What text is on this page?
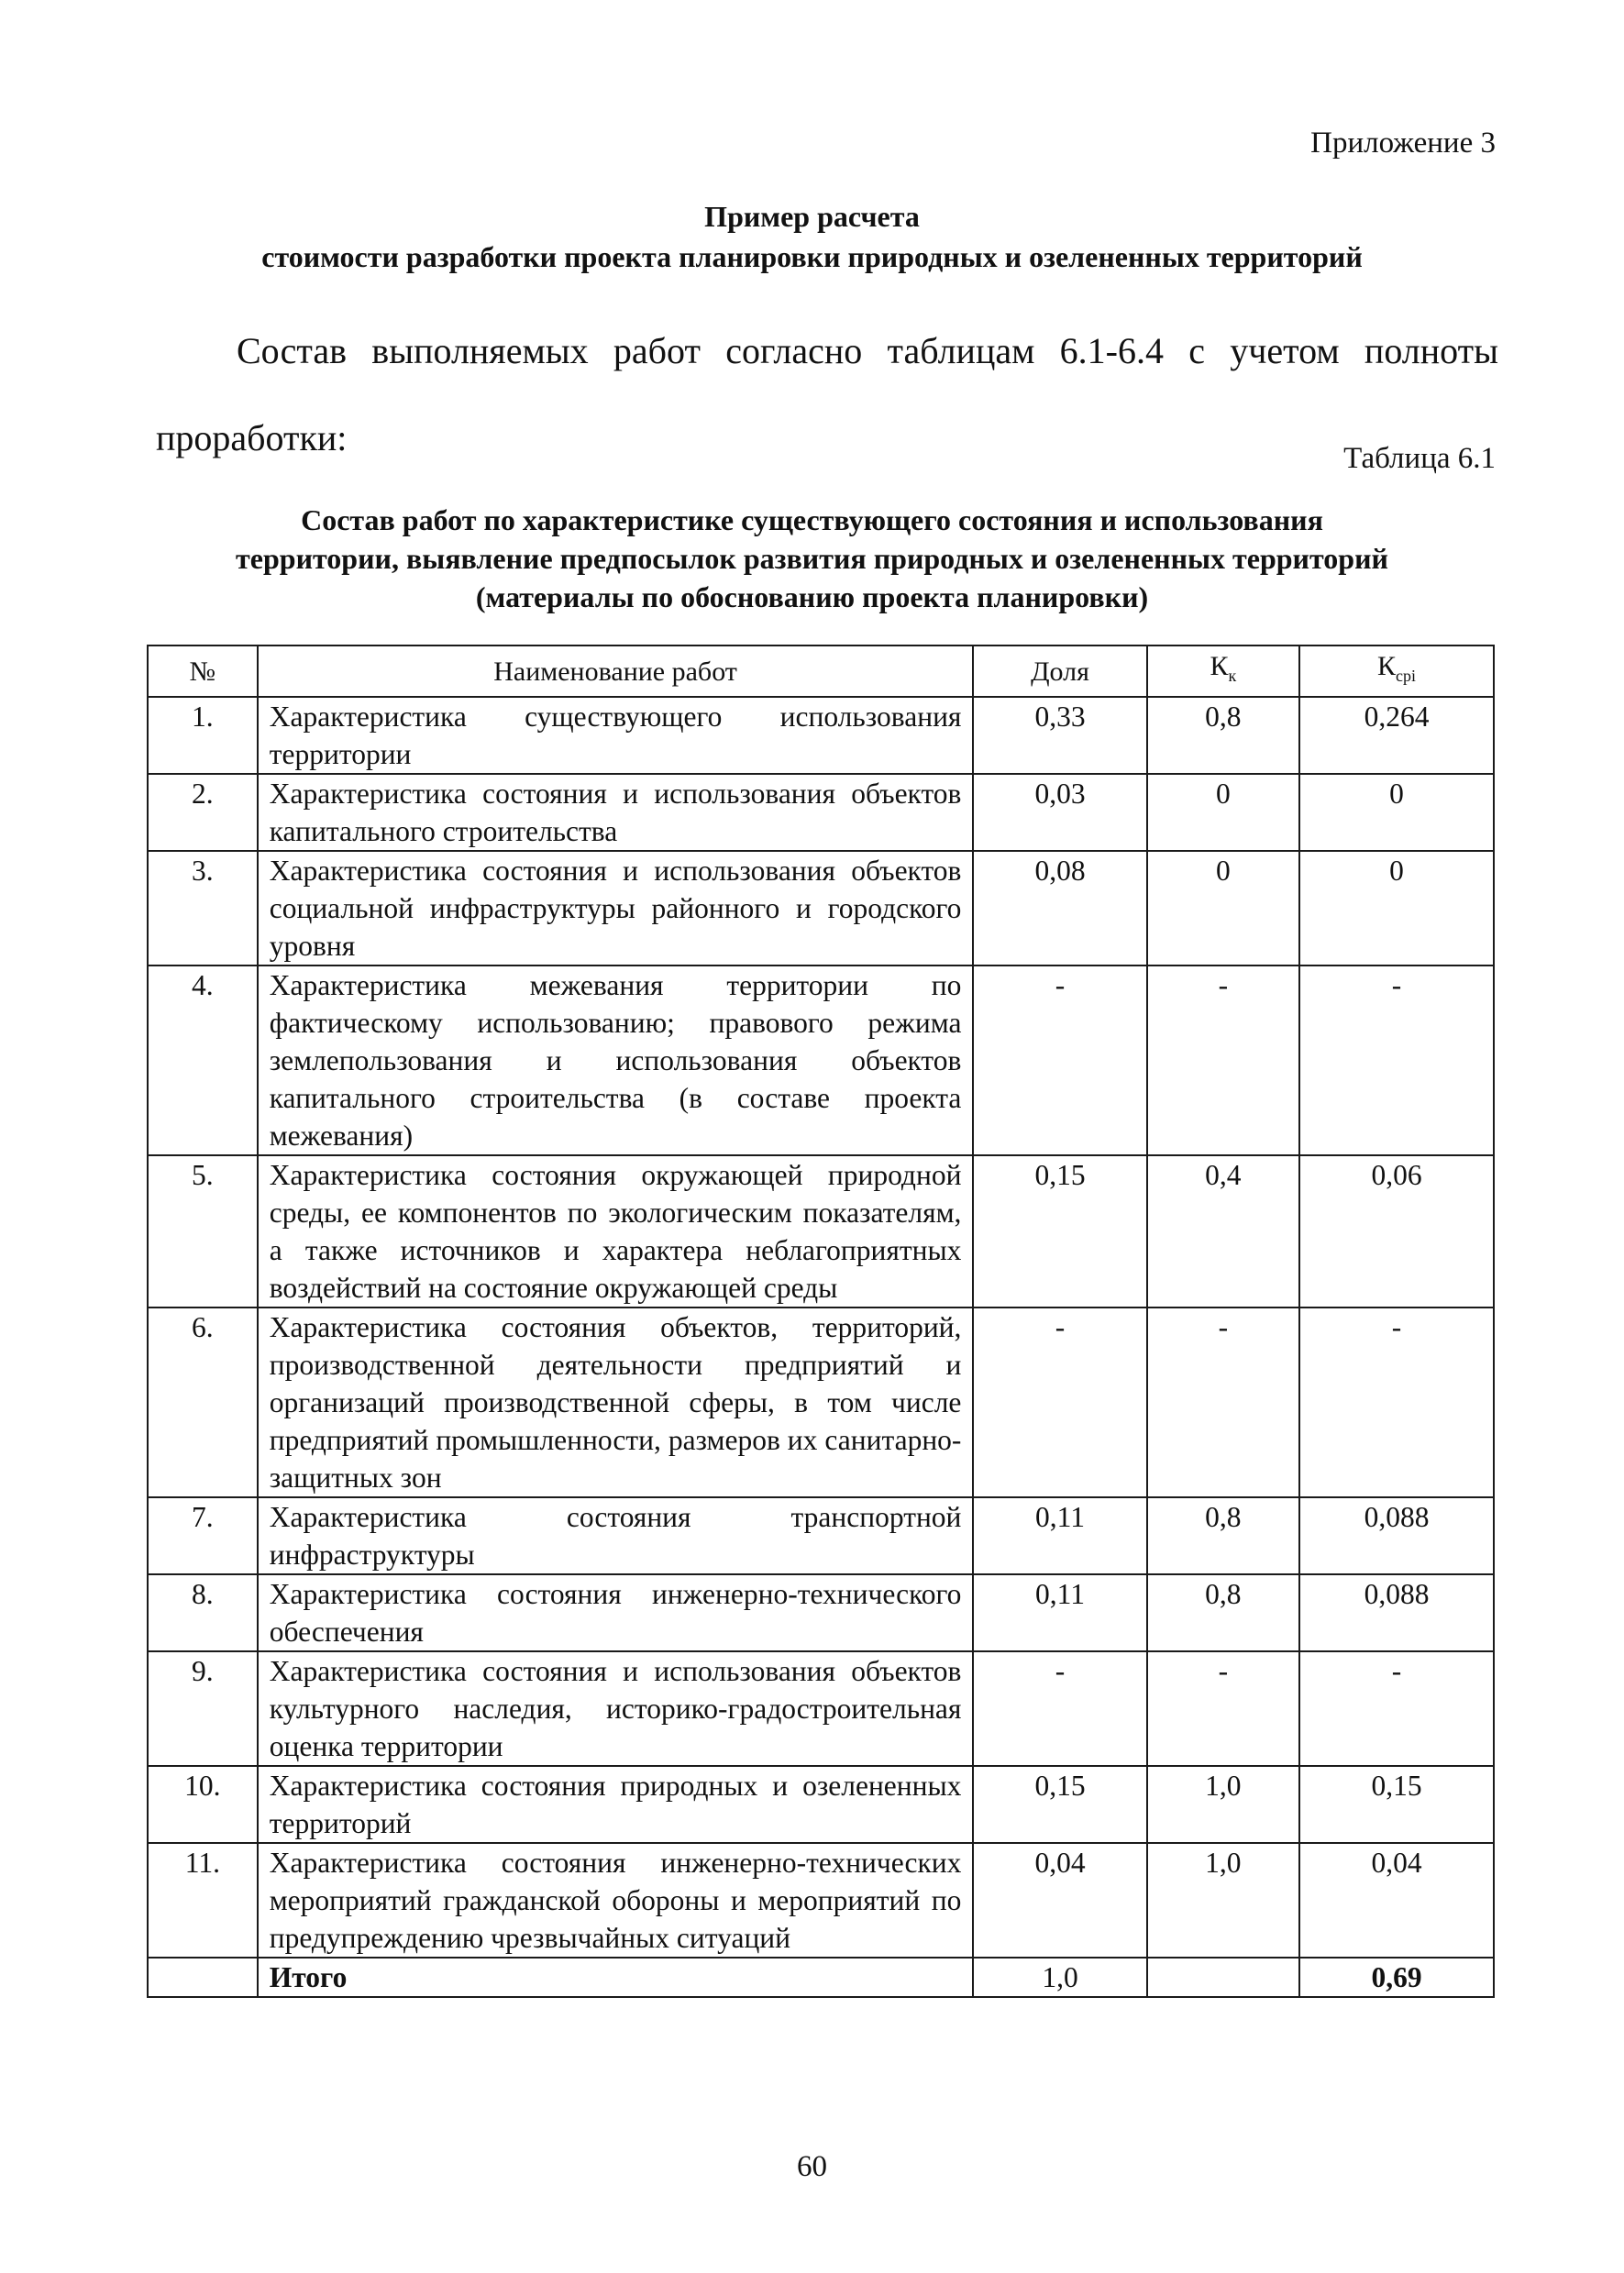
Приложение 3
Пример расчета
стоимости разработки проекта планировки природных и озелененных территорий
Состав выполняемых работ согласно таблицам 6.1-6.4 с учетом полноты проработки:	Таблица 6.1
Состав работ по характеристике существующего состояния и использования
территории, выявление предпосылок развития природных и озелененных территорий
(материалы по обоснованию проекта планировки)
№	Наименование работ	Доля	$К_к$	$К_{срi}$
1.	Характеристика существующего использования территории	0,33	0,8	0,264
2.	Характеристика состояния и использования объектов капитального строительства	0,03	0	0
3.	Характеристика состояния и использования объектов социальной инфраструктуры районного и городского уровня	0,08	0	0
4.	Характеристика межевания территории по фактическому использованию; правового режима землепользования и использования объектов капитального строительства (в составе проекта межевания)	-	-	-
5.	Характеристика состояния окружающей природной среды, ее компонентов по экологическим показателям, а также источников и характера неблагоприятных воздействий на состояние окружающей среды	0,15	0,4	0,06
6.	Характеристика состояния объектов, территорий, производственной деятельности предприятий и организаций производственной сферы, в том числе предприятий промышленности, размеров их санитарно-защитных зон	-	-	-
7.	Характеристика состояния транспортной инфраструктуры	0,11	0,8	0,088
8.	Характеристика состояния инженерно-технического обеспечения	0,11	0,8	0,088
9.	Характеристика состояния и использования объектов культурного наследия, историко-градостроительная оценка территории	-	-	-
10.	Характеристика состояния природных и озелененных территорий	0,15	1,0	0,15
11.	Характеристика состояния инженерно-технических мероприятий гражданской обороны и мероприятий по предупреждению чрезвычайных ситуаций	0,04	1,0	0,04
	Итого	1,0		0,69
60
